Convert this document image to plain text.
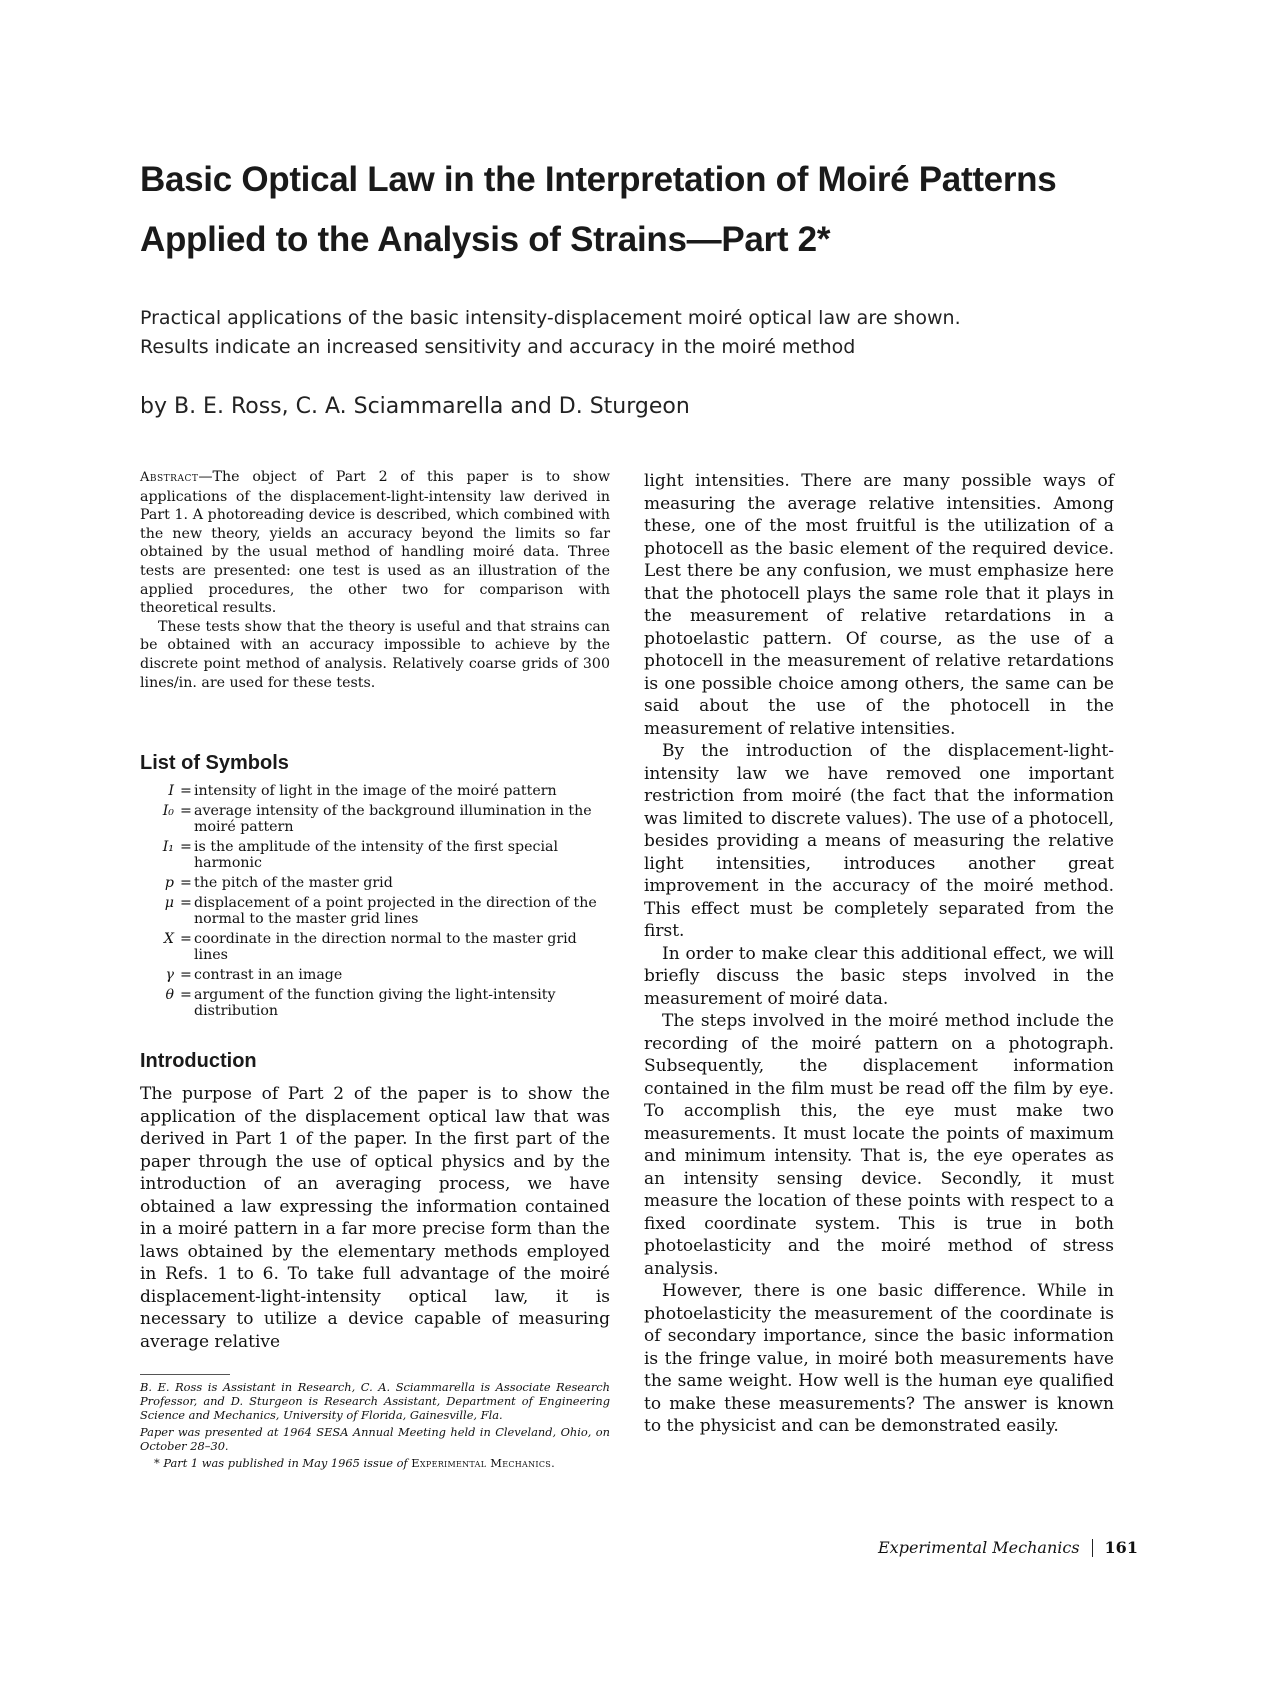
Basic Optical Law in the Interpretation of Moiré Patterns
Applied to the Analysis of Strains—Part 2*
Practical applications of the basic intensity-displacement moiré optical law are shown.
Results indicate an increased sensitivity and accuracy in the moiré method
by B. E. Ross, C. A. Sciammarella and D. Sturgeon

Abstract—The object of Part 2 of this paper is to show applications of the displacement-light-intensity law derived in Part 1. A photoreading device is described, which combined with the new theory, yields an accuracy beyond the limits so far obtained by the usual method of handling moiré data. Three tests are presented: one test is used as an illustration of the applied procedures, the other two for comparison with theoretical results.

These tests show that the theory is useful and that strains can be obtained with an accuracy impossible to achieve by the discrete point method of analysis. Relatively coarse grids of 300 lines/in. are used for these tests.

List of Symbols
I = intensity of light in the image of the moiré pattern
I₀ = average intensity of the background illumination in the moiré pattern
I₁ = is the amplitude of the intensity of the first special harmonic
p = the pitch of the master grid
μ = displacement of a point projected in the direction of the normal to the master grid lines
X = coordinate in the direction normal to the master grid lines
γ = contrast in an image
θ = argument of the function giving the light-intensity distribution
Introduction
The purpose of Part 2 of the paper is to show the application of the displacement optical law that was derived in Part 1 of the paper. In the first part of the paper through the use of optical physics and by the introduction of an averaging process, we have obtained a law expressing the information contained in a moiré pattern in a far more precise form than the laws obtained by the elementary methods employed in Refs. 1 to 6. To take full advantage of the moiré displacement-light-intensity optical law, it is necessary to utilize a device capable of measuring average relative

B. E. Ross is Assistant in Research, C. A. Sciammarella is Associate Research Professor, and D. Sturgeon is Research Assistant, Department of Engineering Science and Mechanics, University of Florida, Gainesville, Fla.

Paper was presented at 1964 SESA Annual Meeting held in Cleveland, Ohio, on October 28–30.

* Part 1 was published in May 1965 issue of Experimental Mechanics.

light intensities. There are many possible ways of measuring the average relative intensities. Among these, one of the most fruitful is the utilization of a photocell as the basic element of the required device. Lest there be any confusion, we must emphasize here that the photocell plays the same role that it plays in the measurement of relative retardations in a photoelastic pattern. Of course, as the use of a photocell in the measurement of relative retardations is one possible choice among others, the same can be said about the use of the photocell in the measurement of relative intensities.

By the introduction of the displacement-light-intensity law we have removed one important restriction from moiré (the fact that the information was limited to discrete values). The use of a photocell, besides providing a means of measuring the relative light intensities, introduces another great improvement in the accuracy of the moiré method. This effect must be completely separated from the first.

In order to make clear this additional effect, we will briefly discuss the basic steps involved in the measurement of moiré data.

The steps involved in the moiré method include the recording of the moiré pattern on a photograph. Subsequently, the displacement information contained in the film must be read off the film by eye. To accomplish this, the eye must make two measurements. It must locate the points of maximum and minimum intensity. That is, the eye operates as an intensity sensing device. Secondly, it must measure the location of these points with respect to a fixed coordinate system. This is true in both photoelasticity and the moiré method of stress analysis.

However, there is one basic difference. While in photoelasticity the measurement of the coordinate is of secondary importance, since the basic information is the fringe value, in moiré both measurements have the same weight. How well is the human eye qualified to make these measurements? The answer is known to the physicist and can be demonstrated easily.

Experimental Mechanics 161
